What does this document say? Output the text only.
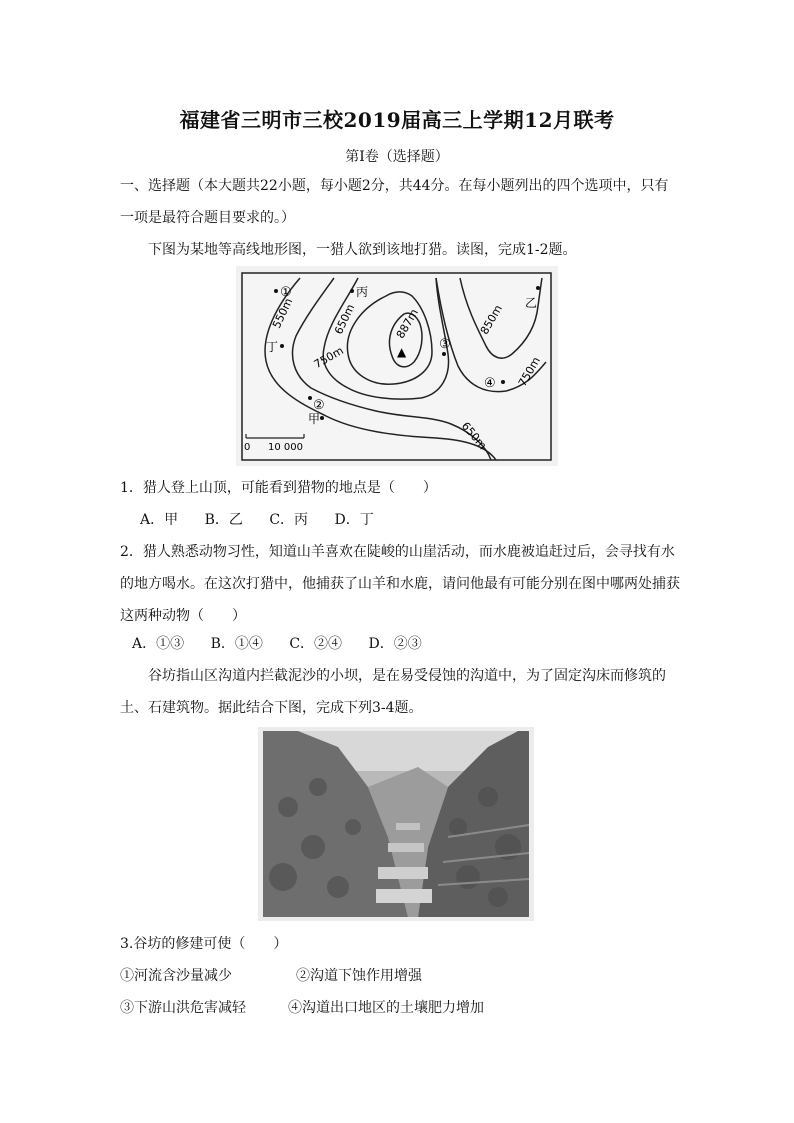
福建省三明市三校2019届高三上学期12月联考
第Ⅰ卷（选择题）
一、选择题（本大题共22小题，每小题2分，共44分。在每小题列出的四个选项中，只有一项是最符合题目要求的。）
下图为某地等高线地形图，一猎人欲到该地打猎。读图，完成1-2题。
550m	650m
750m
887m	850m
750m
650m
▲
①
②
③
④
甲
乙
丙
丁
0 10 000
1．猎人登上山顶，可能看到猎物的地点是（　　）
A．甲 B．乙 C．丙 D．丁
2．猎人熟悉动物习性，知道山羊喜欢在陡峻的山崖活动，而水鹿被追赶过后，会寻找有水的地方喝水。在这次打猎中，他捕获了山羊和水鹿，请问他最有可能分别在图中哪两处捕获这两种动物（　　）
A．①③ B．①④ C．②④ D．②③
谷坊指山区沟道内拦截泥沙的小坝，是在易受侵蚀的沟道中，为了固定沟床而修筑的土、石建筑物。据此结合下图，完成下列3-4题。
3.谷坊的修建可使（　　）
①河流含沙量减少	②沟道下蚀作用增强
③下游山洪危害减轻	④沟道出口地区的土壤肥力增加
